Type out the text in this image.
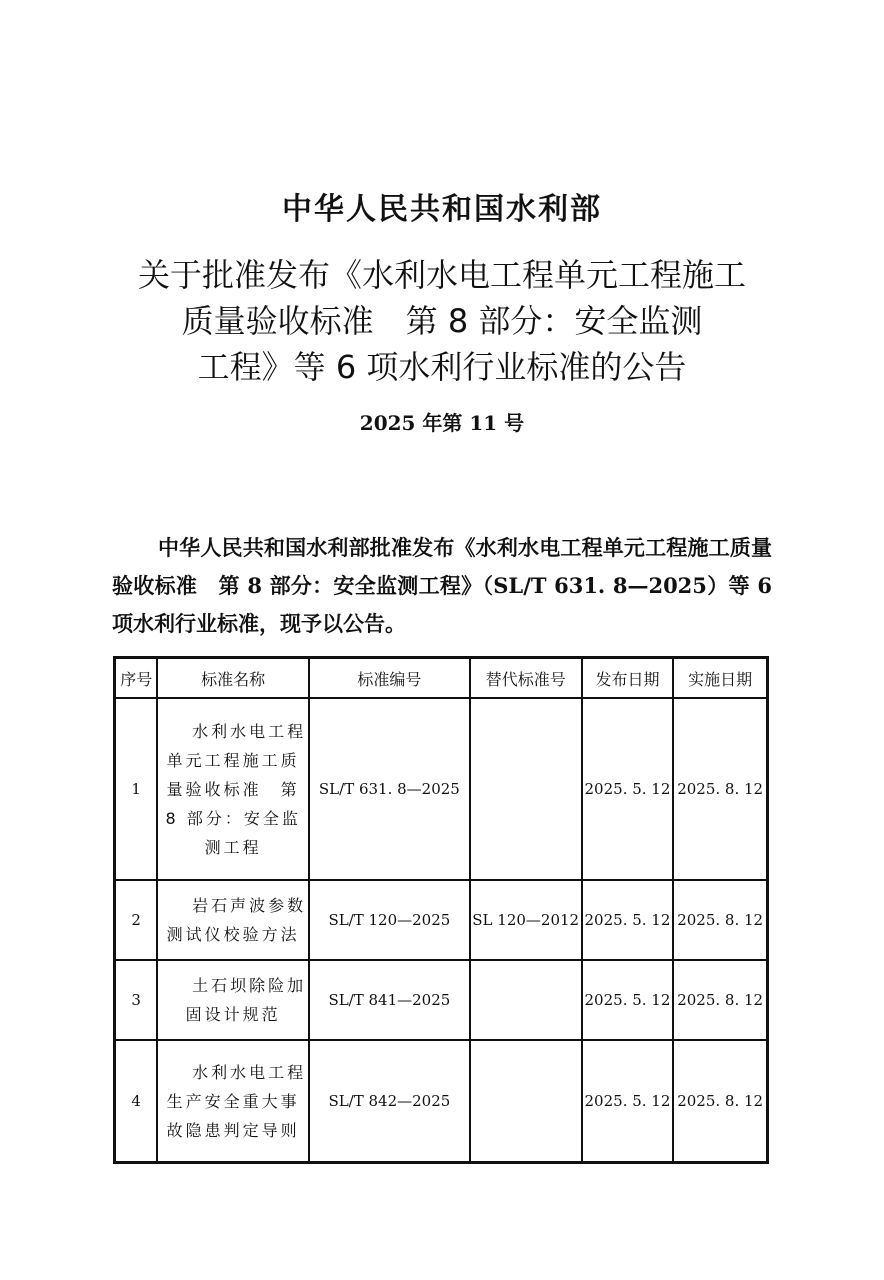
中华人民共和国水利部
关于批准发布《水利水电工程单元工程施工
质量验收标准　第 8 部分：安全监测
工程》等 6 项水利行业标准的公告
2025 年第 11 号

中华人民共和国水利部批准发布《水利水电工程单元工程施工质量验收标准　第 8 部分：安全监测工程》（SL/T 631. 8—2025）等 6 项水利行业标准，现予以公告。

序号	标准名称	标准编号	替代标准号	发布日期	实施日期
1	水利水电工程单元工程施工质量验收标准　第 8 部分：安全监测工程	SL/T 631. 8—2025		2025. 5. 12	2025. 8. 12
2	岩石声波参数测试仪校验方法	SL/T 120—2025	SL 120—2012	2025. 5. 12	2025. 8. 12
3	土石坝除险加固设计规范	SL/T 841—2025		2025. 5. 12	2025. 8. 12
4	水利水电工程生产安全重大事故隐患判定导则	SL/T 842—2025		2025. 5. 12	2025. 8. 12
